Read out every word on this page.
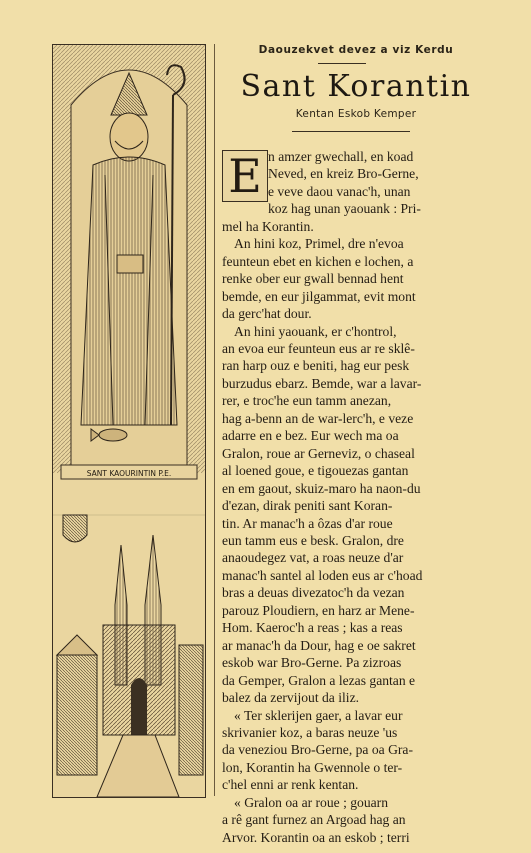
SANT KAOURINTIN P.E.
Daouzekvet devez a viz Kerdu
Sant Korantin
Kentan Eskob Kemper
E n amzer gwechall, en koad
Neved, en kreiz Bro-Gerne,
e veve daou vanac'h, unan
koz hag unan yaouank : Pri-
mel ha Korantin.
An hini koz, Primel, dre n'evoa
feunteun ebet en kichen e lochen, a
renke ober eur gwall bennad hent
bemde, en eur jilgammat, evit mont
da gerc'hat dour.
An hini yaouank, er c'hontrol,
an evoa eur feunteun eus ar re sklê-
ran harp ouz e beniti, hag eur pesk
burzudus ebarz. Bemde, war a lavar-
rer, e troc'he eun tamm anezan,
hag a-benn an de war-lerc'h, e veze
adarre en e bez. Eur wech ma oa
Gralon, roue ar Gerneviz, o chaseal
al loened goue, e tigouezas gantan
en em gaout, skuiz-maro ha naon-du
d'ezan, dirak peniti sant Koran-
tin. Ar manac'h a ôzas d'ar roue
eun tamm eus e besk. Gralon, dre
anaoudegez vat, a roas neuze d'ar
manac'h santel al loden eus ar c'hoad
bras a deuas divezatoc'h da vezan
parouz Ploudiern, en harz ar Mene-
Hom. Kaeroc'h a reas ; kas a reas
ar manac'h da Dour, hag e oe sakret
eskob war Bro-Gerne. Pa zizroas
da Gemper, Gralon a lezas gantan e
balez da zervijout da iliz.
« Ter sklerijen gaer, a lavar eur
skrivanier koz, a baras neuze 'us
da veneziou Bro-Gerne, pa oa Gra-
lon, Korantin ha Gwennole o ter-
c'hel enni ar renk kentan.
« Gralon oa ar roue ; gouarn
a rê gant furnez an Argoad hag an
Arvor. Korantin oa an eskob ; terri
